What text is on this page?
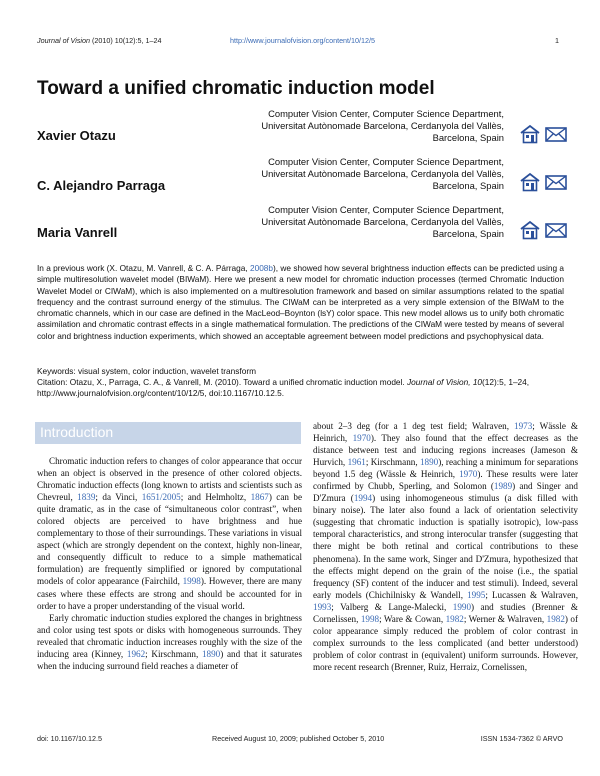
Journal of Vision (2010) 10(12):5, 1–24	http://www.journalofvision.org/content/10/12/5	1
Toward a unified chromatic induction model
Xavier Otazu
Computer Vision Center, Computer Science Department,
Universitat Autònomade Barcelona, Cerdanyola del Vallès,
Barcelona, Spain
C. Alejandro Parraga
Computer Vision Center, Computer Science Department,
Universitat Autònomade Barcelona, Cerdanyola del Vallès,
Barcelona, Spain
Maria Vanrell
Computer Vision Center, Computer Science Department,
Universitat Autònomade Barcelona, Cerdanyola del Vallès,
Barcelona, Spain
In a previous work (X. Otazu, M. Vanrell, & C. A. Párraga, 2008b), we showed how several brightness induction effects can be predicted using a simple multiresolution wavelet model (BIWaM). Here we present a new model for chromatic induction processes (termed Chromatic Induction Wavelet Model or CIWaM), which is also implemented on a multiresolution framework and based on similar assumptions related to the spatial frequency and the contrast surround energy of the stimulus. The CIWaM can be interpreted as a very simple extension of the BIWaM to the chromatic channels, which in our case are defined in the MacLeod–Boynton (lsY) color space. This new model allows us to unify both chromatic assimilation and chromatic contrast effects in a single mathematical formulation. The predictions of the CIWaM were tested by means of several color and brightness induction experiments, which showed an acceptable agreement between model predictions and psychophysical data.
Keywords: visual system, color induction, wavelet transform
Citation: Otazu, X., Parraga, C. A., & Vanrell, M. (2010). Toward a unified chromatic induction model. Journal of Vision, 10(12):5, 1–24, http://www.journalofvision.org/content/10/12/5, doi:10.1167/10.12.5.
Introduction

Chromatic induction refers to changes of color appearance that occur when an object is observed in the presence of other colored objects. Chromatic induction effects (long known to artists and scientists such as Chevreul, 1839; da Vinci, 1651/2005; and Helmholtz, 1867) can be quite dramatic, as in the case of “simultaneous color contrast”, when colored objects are perceived to have brightness and hue complementary to those of their surroundings. These variations in visual aspect (which are strongly dependent on the context, highly non-linear, and consequently difficult to reduce to a simple mathematical formulation) are frequently simplified or ignored by computational models of color appearance (Fairchild, 1998). However, there are many cases where these effects are strong and should be accounted for in order to have a proper understanding of the visual world.

Early chromatic induction studies explored the changes in brightness and color using test spots or disks with homogeneous surrounds. They revealed that chromatic induction increases roughly with the size of the inducing area (Kinney, 1962; Kirschmann, 1890) and that it saturates when the inducing surround field reaches a diameter of

about 2–3 deg (for a 1 deg test field; Walraven, 1973; Wässle & Heinrich, 1970). They also found that the effect decreases as the distance between test and inducing regions increases (Jameson & Hurvich, 1961; Kirschmann, 1890), reaching a minimum for separations beyond 1.5 deg (Wässle & Heinrich, 1970). These results were later confirmed by Chubb, Sperling, and Solomon (1989) and Singer and D'Zmura (1994) using inhomogeneous stimulus (a disk filled with binary noise). The later also found a lack of orientation selectivity (suggesting that chromatic induction is spatially isotropic), low-pass temporal characteristics, and strong interocular transfer (suggesting that there might be both retinal and cortical contributions to these phenomena). In the same work, Singer and D'Zmura, hypothesized that the effects might depend on the grain of the noise (i.e., the spatial frequency (SF) content of the inducer and test stimuli). Indeed, several early models (Chichilnisky & Wandell, 1995; Lucassen & Walraven, 1993; Valberg & Lange-Malecki, 1990) and studies (Brenner & Cornelissen, 1998; Ware & Cowan, 1982; Werner & Walraven, 1982) of color appearance simply reduced the problem of color contrast in complex surrounds to the less complicated (and better understood) problem of color contrast in (equivalent) uniform surrounds. However, more recent research (Brenner, Ruiz, Herraiz, Cornelissen,

doi: 10.1167/10.12.5	Received August 10, 2009; published October 5, 2010	ISSN 1534-7362 © ARVO
